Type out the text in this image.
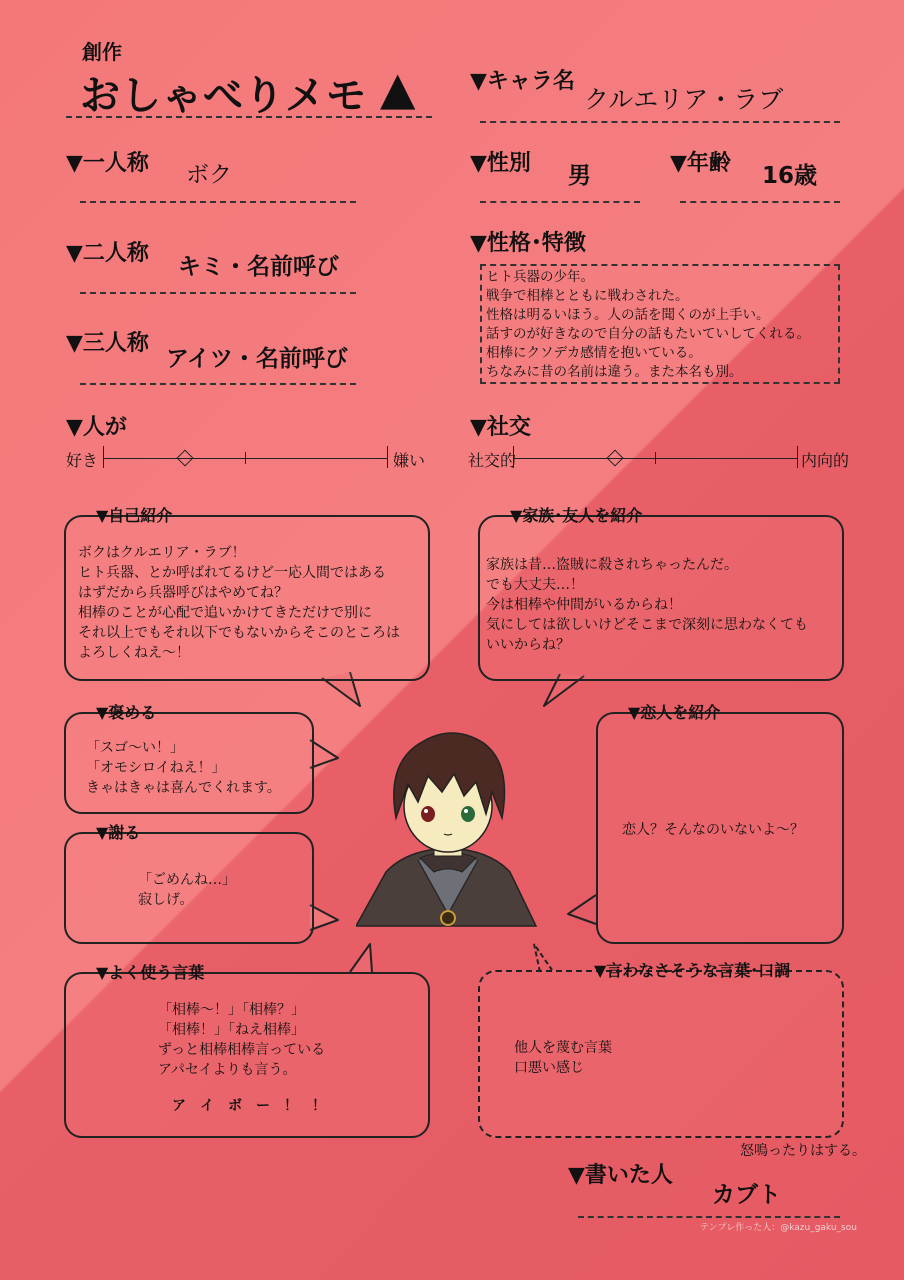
創作
おしゃべりメモ ▲ ▼キャラ名
クルエリア・ラブ
▼一人称 ボク
▼二人称
キミ・名前呼び
▼三人称
アイツ・名前呼び
▼性別 男	▼年齢 16歳
▼性格･特徴
ヒト兵器の少年。
戦争で相棒とともに戦わされた。
性格は明るいほう。人の話を聞くのが上手い。
話すのが好きなので自分の話もたいていしてくれる。
相棒にクソデカ感情を抱いている。
ちなみに昔の名前は違う。また本名も別。
▼人が
好き	嫌い
▼社交
社交的	内向的
▼自己紹介
ボクはクルエリア・ラブ！
ヒト兵器、とか呼ばれてるけど一応人間ではある
はずだから兵器呼びはやめてね？
相棒のことが心配で追いかけてきただけで別に
それ以上でもそれ以下でもないからそこのところは
よろしくねえ〜！
▼家族･友人を紹介
家族は昔…盗賊に殺されちゃったんだ。
でも大丈夫…！
今は相棒や仲間がいるからね！
気にしては欲しいけどそこまで深刻に思わなくても
いいからね？
▼褒める
「スゴ〜い！」
「オモシロイねえ！」
きゃはきゃは喜んでくれます。
▼恋人を紹介
恋人？そんなのいないよ〜？
▼謝る
「ごめんね…」
寂しげ。
▼よく使う言葉
「相棒〜！」「相棒？」
「相棒！」「ねえ相棒」
ずっと相棒相棒言っている
アパセイよりも言う。
ア　イ　ボ　ー　！　！
▼言わなさそうな言葉･口調
他人を蔑む言葉
口悪い感じ
怒鳴ったりはする。
▼書いた人
カブト
テンプレ作った人：@kazu_gaku_sou
